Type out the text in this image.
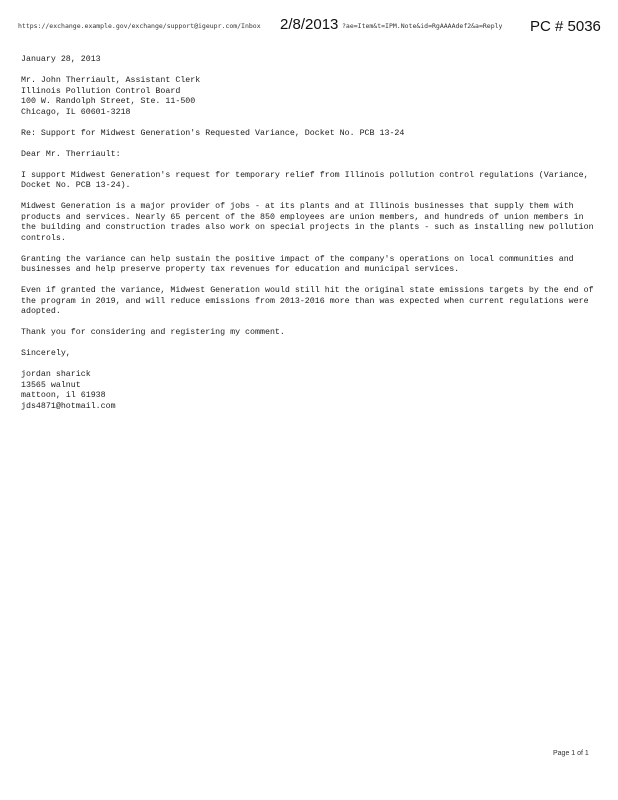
https://exchange.example.gov/exchange/support@igeupr.com/Inbox 2/8/2013 ?ae=Item&t=IPM.Note&id=RgAAAAdef2&a=Reply PC # 5036

January 28, 2013

Mr. John Therriault, Assistant Clerk
Illinois Pollution Control Board
100 W. Randolph Street, Ste. 11-500
Chicago, IL 60601-3218

Re: Support for Midwest Generation's Requested Variance, Docket No. PCB 13-24

Dear Mr. Therriault:

I support Midwest Generation's request for temporary relief from Illinois pollution control regulations (Variance, Docket No. PCB 13-24).

Midwest Generation is a major provider of jobs - at its plants and at Illinois businesses that supply them with products and services. Nearly 65 percent of the 850 employees are union members, and hundreds of union members in the building and construction trades also work on special projects in the plants - such as installing new pollution controls.

Granting the variance can help sustain the positive impact of the company's operations on local communities and businesses and help preserve property tax revenues for education and municipal services.

Even if granted the variance, Midwest Generation would still hit the original state emissions targets by the end of the program in 2019, and will reduce emissions from 2013-2016 more than was expected when current regulations were adopted.

Thank you for considering and registering my comment.

Sincerely,

jordan sharick
13565 walnut
mattoon, il 61938
jds4871@hotmail.com

Page 1 of 1
